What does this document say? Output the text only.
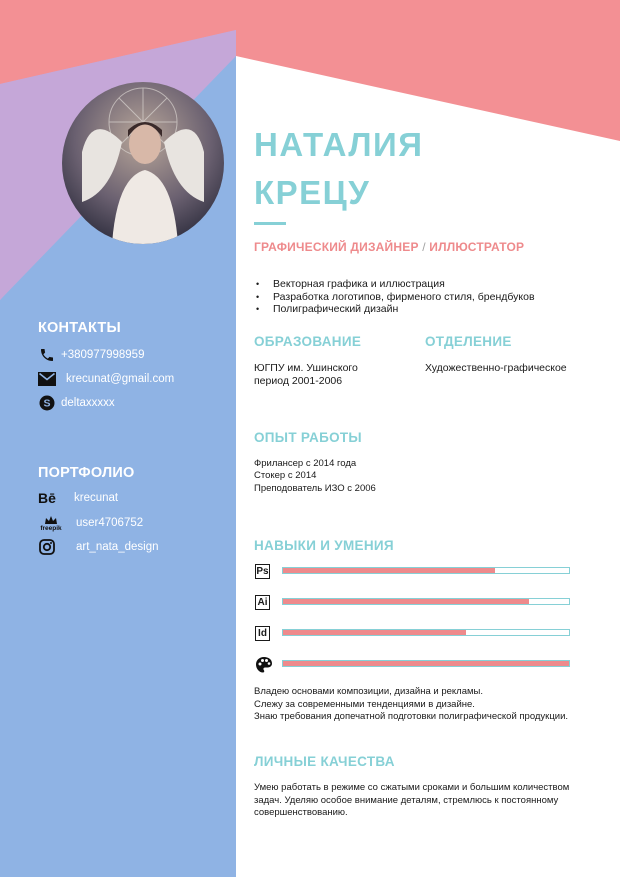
КОНТАКТЫ
+380977998959
krecunat@gmail.com
S deltaxxxxx
ПОРТФОЛИО
Bē	krecunat
freepik user4706752
art_nata_design
НАТАЛИЯ
КРЕЦУ
ГРАФИЧЕСКИЙ ДИЗАЙНЕР / ИЛЛЮСТРАТОР
• Векторная графика и иллюстрация
• Разработка логотипов, фирменого стиля, брендбуков
• Полиграфический дизайн
ОБРАЗОВАНИЕ
ЮГПУ им. Ушинского
период 2001-2006
ОТДЕЛЕНИЕ
Художественно-графическое
ОПЫТ РАБОТЫ
Фрилансер с 2014 года
Стокер с 2014
Преподователь ИЗО с 2006
НАВЫКИ И УМЕНИЯ
Ps
Ai
Id
Владею основами композиции, дизайна и рекламы.
Слежу за современными тенденциями в дизайне.
Знаю требования допечатной подготовки полиграфической продукции.
ЛИЧНЫЕ КАЧЕСТВА
Умею работать в режиме со сжатыми сроками и большим количеством
задач. Уделяю особое внимание деталям, стремлюсь к постоянному
совершенствованию.
